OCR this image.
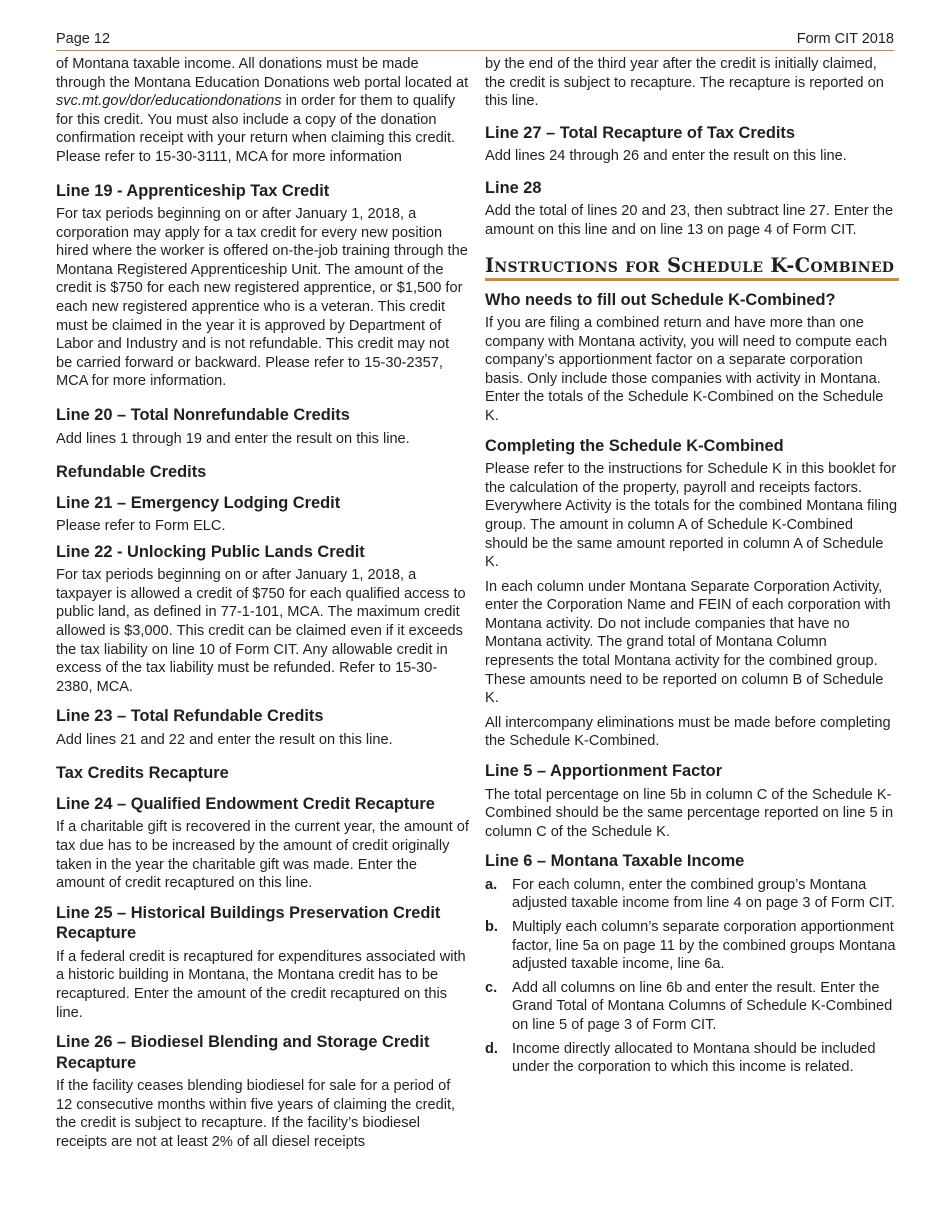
Page 12	Form CIT 2018

of Montana taxable income. All donations must be made through the Montana Education Donations web portal located at svc.mt.gov/dor/educationdonations in order for them to qualify for this credit. You must also include a copy of the donation confirmation receipt with your return when claiming this credit. Please refer to 15-30-3111, MCA for more information

Line 19 - Apprenticeship Tax Credit

For tax periods beginning on or after January 1, 2018, a corporation may apply for a tax credit for every new position hired where the worker is offered on-the-job training through the Montana Registered Apprenticeship Unit. The amount of the credit is $750 for each new registered apprentice, or $1,500 for each new registered apprentice who is a veteran. This credit must be claimed in the year it is approved by Department of Labor and Industry and is not refundable. This credit may not be carried forward or backward. Please refer to 15-30-2357, MCA for more information.

Line 20 – Total Nonrefundable Credits

Add lines 1 through 19 and enter the result on this line.

Refundable Credits
Line 21 – Emergency Lodging Credit

Please refer to Form ELC.

Line 22 - Unlocking Public Lands Credit

For tax periods beginning on or after January 1, 2018, a taxpayer is allowed a credit of $750 for each qualified access to public land, as defined in 77-1-101, MCA. The maximum credit allowed is $3,000. This credit can be claimed even if it exceeds the tax liability on line 10 of Form CIT. Any allowable credit in excess of the tax liability must be refunded. Refer to 15-30-2380, MCA.

Line 23 – Total Refundable Credits

Add lines 21 and 22 and enter the result on this line.

Tax Credits Recapture
Line 24 – Qualified Endowment Credit Recapture

If a charitable gift is recovered in the current year, the amount of tax due has to be increased by the amount of credit originally taken in the year the charitable gift was made. Enter the amount of credit recaptured on this line.

Line 25 – Historical Buildings Preservation Credit Recapture

If a federal credit is recaptured for expenditures associated with a historic building in Montana, the Montana credit has to be recaptured. Enter the amount of the credit recaptured on this line.

Line 26 – Biodiesel Blending and Storage Credit Recapture

If the facility ceases blending biodiesel for sale for a period of 12 consecutive months within five years of claiming the credit, the credit is subject to recapture. If the facility’s biodiesel receipts are not at least 2% of all diesel receipts

by the end of the third year after the credit is initially claimed, the credit is subject to recapture. The recapture is reported on this line.

Line 27 – Total Recapture of Tax Credits

Add lines 24 through 26 and enter the result on this line.

Line 28

Add the total of lines 20 and 23, then subtract line 27. Enter the amount on this line and on line 13 on page 4 of Form CIT.

Instructions for Schedule K-Combined
Who needs to fill out Schedule K-Combined?

If you are filing a combined return and have more than one company with Montana activity, you will need to compute each company’s apportionment factor on a separate corporation basis. Only include those companies with activity in Montana. Enter the totals of the Schedule K-Combined on the Schedule K.

Completing the Schedule K-Combined

Please refer to the instructions for Schedule K in this booklet for the calculation of the property, payroll and receipts factors. Everywhere Activity is the totals for the combined Montana filing group. The amount in column A of Schedule K-Combined should be the same amount reported in column A of Schedule K.

In each column under Montana Separate Corporation Activity, enter the Corporation Name and FEIN of each corporation with Montana activity. Do not include companies that have no Montana activity. The grand total of Montana Column represents the total Montana activity for the combined group. These amounts need to be reported on column B of Schedule K.

All intercompany eliminations must be made before completing the Schedule K-Combined.

Line 5 – Apportionment Factor

The total percentage on line 5b in column C of the Schedule K-Combined should be the same percentage reported on line 5 in column C of the Schedule K.

Line 6 – Montana Taxable Income
a. For each column, enter the combined group’s Montana adjusted taxable income from line 4 on page 3 of Form CIT.
b. Multiply each column’s separate corporation apportionment factor, line 5a on page 11 by the combined groups Montana adjusted taxable income, line 6a.
c. Add all columns on line 6b and enter the result. Enter the Grand Total of Montana Columns of Schedule K-Combined on line 5 of page 3 of Form CIT.
d. Income directly allocated to Montana should be included under the corporation to which this income is related.
